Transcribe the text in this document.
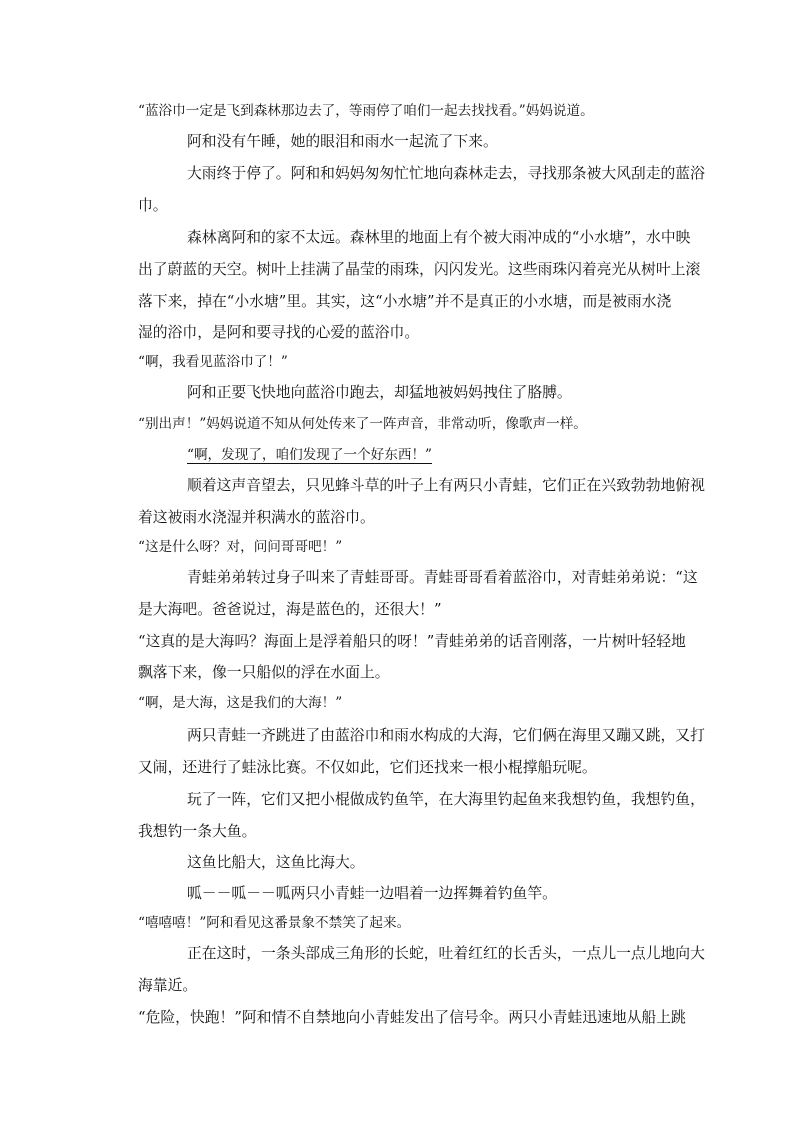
“蓝浴巾一定是飞到森林那边去了，等雨停了咱们一起去找找看。”妈妈说道。
阿和没有午睡，她的眼泪和雨水一起流了下来。
大雨终于停了。阿和和妈妈匆匆忙忙地向森林走去，寻找那条被大风刮走的蓝浴
巾。
森林离阿和的家不太远。森林里的地面上有个被大雨冲成的“小水塘”，水中映
出了蔚蓝的天空。树叶上挂满了晶莹的雨珠，闪闪发光。这些雨珠闪着亮光从树叶上滚
落下来，掉在“小水塘”里。其实，这“小水塘”并不是真正的小水塘，而是被雨水浇
湿的浴巾，是阿和要寻找的心爱的蓝浴巾。
“啊，我看见蓝浴巾了！”
阿和正要飞快地向蓝浴巾跑去，却猛地被妈妈拽住了胳膊。
“别出声！”妈妈说道不知从何处传来了一阵声音，非常动听，像歌声一样。
“啊，发现了，咱们发现了一个好东西！”
顺着这声音望去，只见蜂斗草的叶子上有两只小青蛙，它们正在兴致勃勃地俯视
着这被雨水浇湿并积满水的蓝浴巾。
“这是什么呀？对，问问哥哥吧！”
青蛙弟弟转过身子叫来了青蛙哥哥。青蛙哥哥看着蓝浴巾，对青蛙弟弟说：“这
是大海吧。爸爸说过，海是蓝色的，还很大！”
“这真的是大海吗？海面上是浮着船只的呀！”青蛙弟弟的话音刚落，一片树叶轻轻地
飘落下来，像一只船似的浮在水面上。
“啊，是大海，这是我们的大海！”
两只青蛙一齐跳进了由蓝浴巾和雨水构成的大海，它们俩在海里又蹦又跳，又打
又闹，还进行了蛙泳比赛。不仅如此，它们还找来一根小棍撑船玩呢。
玩了一阵，它们又把小棍做成钓鱼竿，在大海里钓起鱼来我想钓鱼，我想钓鱼，
我想钓一条大鱼。
这鱼比船大，这鱼比海大。
呱－－呱－－呱两只小青蛙一边唱着一边挥舞着钓鱼竿。
“嘻嘻嘻！”阿和看见这番景象不禁笑了起来。
正在这时，一条头部成三角形的长蛇，吐着红红的长舌头，一点儿一点儿地向大
海靠近。
“危险，快跑！”阿和情不自禁地向小青蛙发出了信号伞。两只小青蛙迅速地从船上跳
